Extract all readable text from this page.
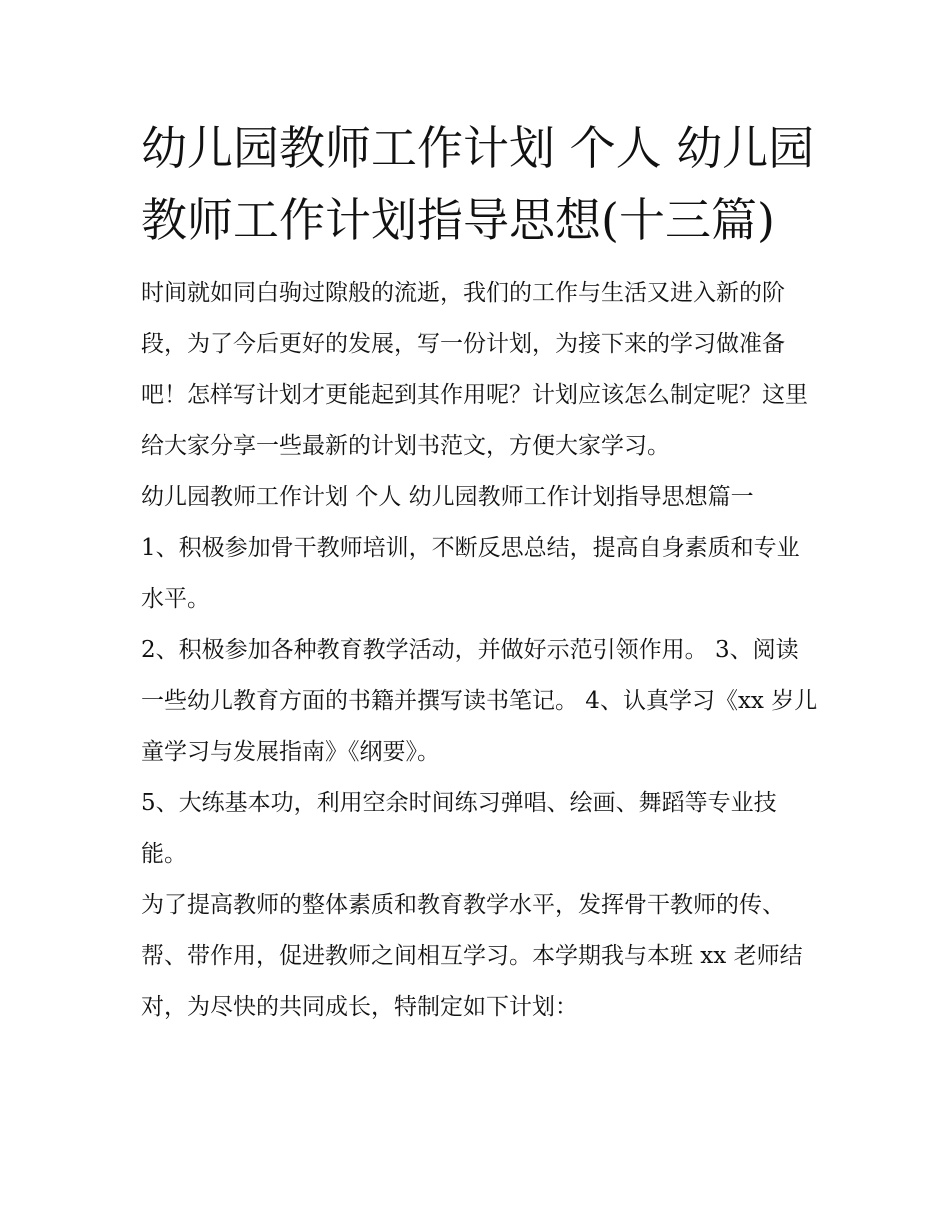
幼儿园教师工作计划 个人 幼儿园教师工作计划指导思想(十三篇)

时间就如同白驹过隙般的流逝，我们的工作与生活又进入新的阶段，为了今后更好的发展，写一份计划，为接下来的学习做准备吧！怎样写计划才更能起到其作用呢？计划应该怎么制定呢？这里给大家分享一些最新的计划书范文，方便大家学习。

幼儿园教师工作计划 个人 幼儿园教师工作计划指导思想篇一

1、积极参加骨干教师培训，不断反思总结，提高自身素质和专业水平。

2、积极参加各种教育教学活动，并做好示范引领作用。 3、阅读一些幼儿教育方面的书籍并撰写读书笔记。 4、认真学习《xx 岁儿童学习与发展指南》《纲要》。

5、大练基本功，利用空余时间练习弹唱、绘画、舞蹈等专业技能。

为了提高教师的整体素质和教育教学水平，发挥骨干教师的传、帮、带作用，促进教师之间相互学习。本学期我与本班 xx 老师结对，为尽快的共同成长，特制定如下计划：
